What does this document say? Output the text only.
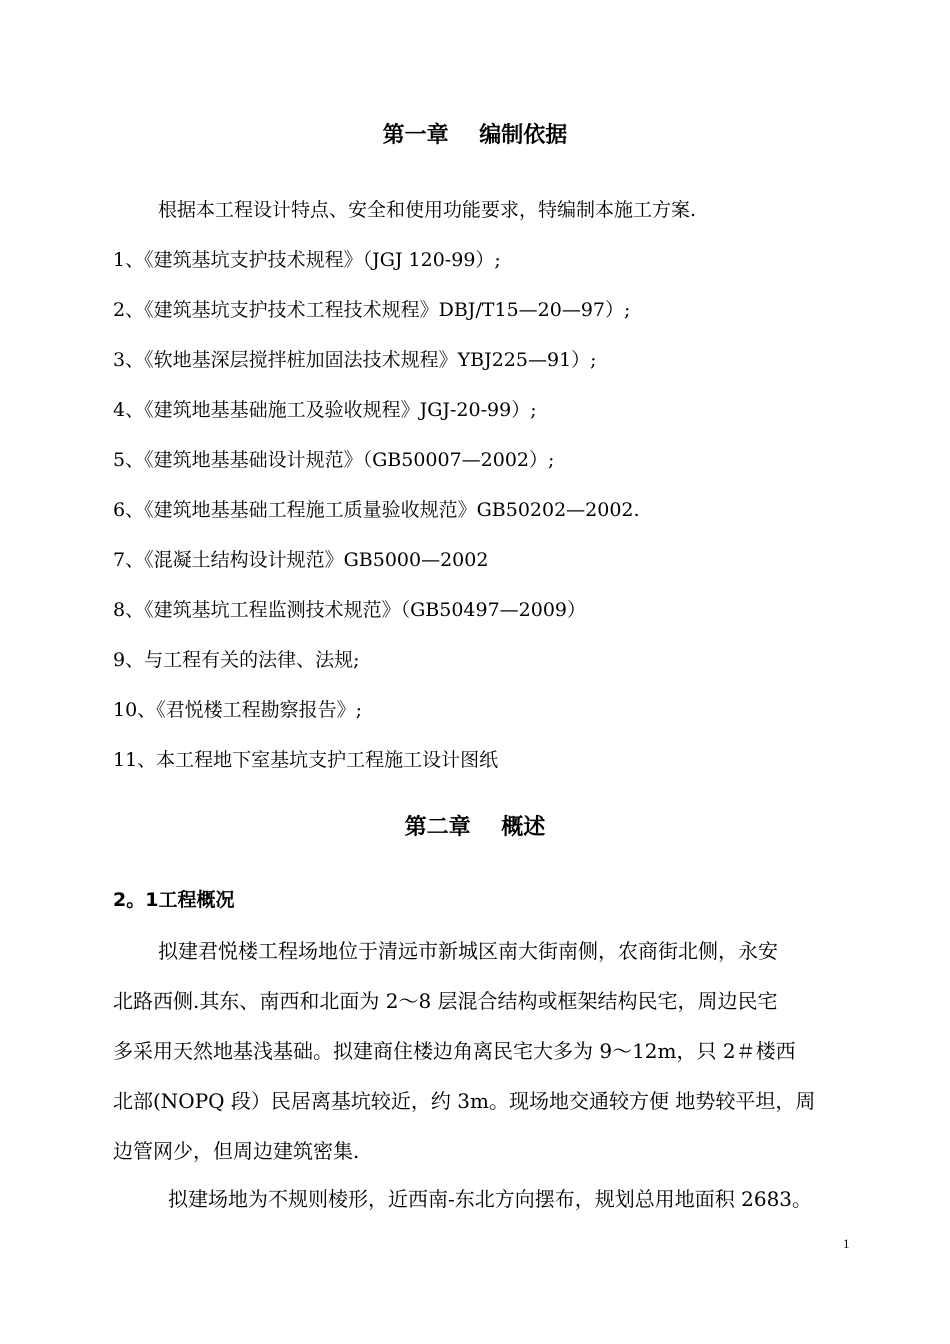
第一章    编制依据
根据本工程设计特点、安全和使用功能要求，特编制本施工方案.
1、《建筑基坑支护技术规程》（JGJ 120-99）;
2、《建筑基坑支护技术工程技术规程》DBJ/T15—20—97）;
3、《软地基深层搅拌桩加固法技术规程》YBJ225—91）;
4、《建筑地基基础施工及验收规程》JGJ-20-99）;
5、《建筑地基基础设计规范》（GB50007—2002）;
6、《建筑地基基础工程施工质量验收规范》GB50202—2002.
7、《混凝土结构设计规范》GB5000—2002
8、《建筑基坑工程监测技术规范》（GB50497—2009）
9、与工程有关的法律、法规;
10、《君悦楼工程勘察报告》;
11、本工程地下室基坑支护工程施工设计图纸
第二章    概述
2。1工程概况
拟建君悦楼工程场地位于清远市新城区南大街南侧，农商街北侧，永安
北路西侧.其东、南西和北面为 2～8 层混合结构或框架结构民宅，周边民宅
多采用天然地基浅基础。拟建商住楼边角离民宅大多为 9～12m，只 2＃楼西
北部(NOPQ 段）民居离基坑较近，约 3m。现场地交通较方便 地势较平坦，周
边管网少，但周边建筑密集.
拟建场地为不规则棱形，近西南-东北方向摆布，规划总用地面积 2683。
1
